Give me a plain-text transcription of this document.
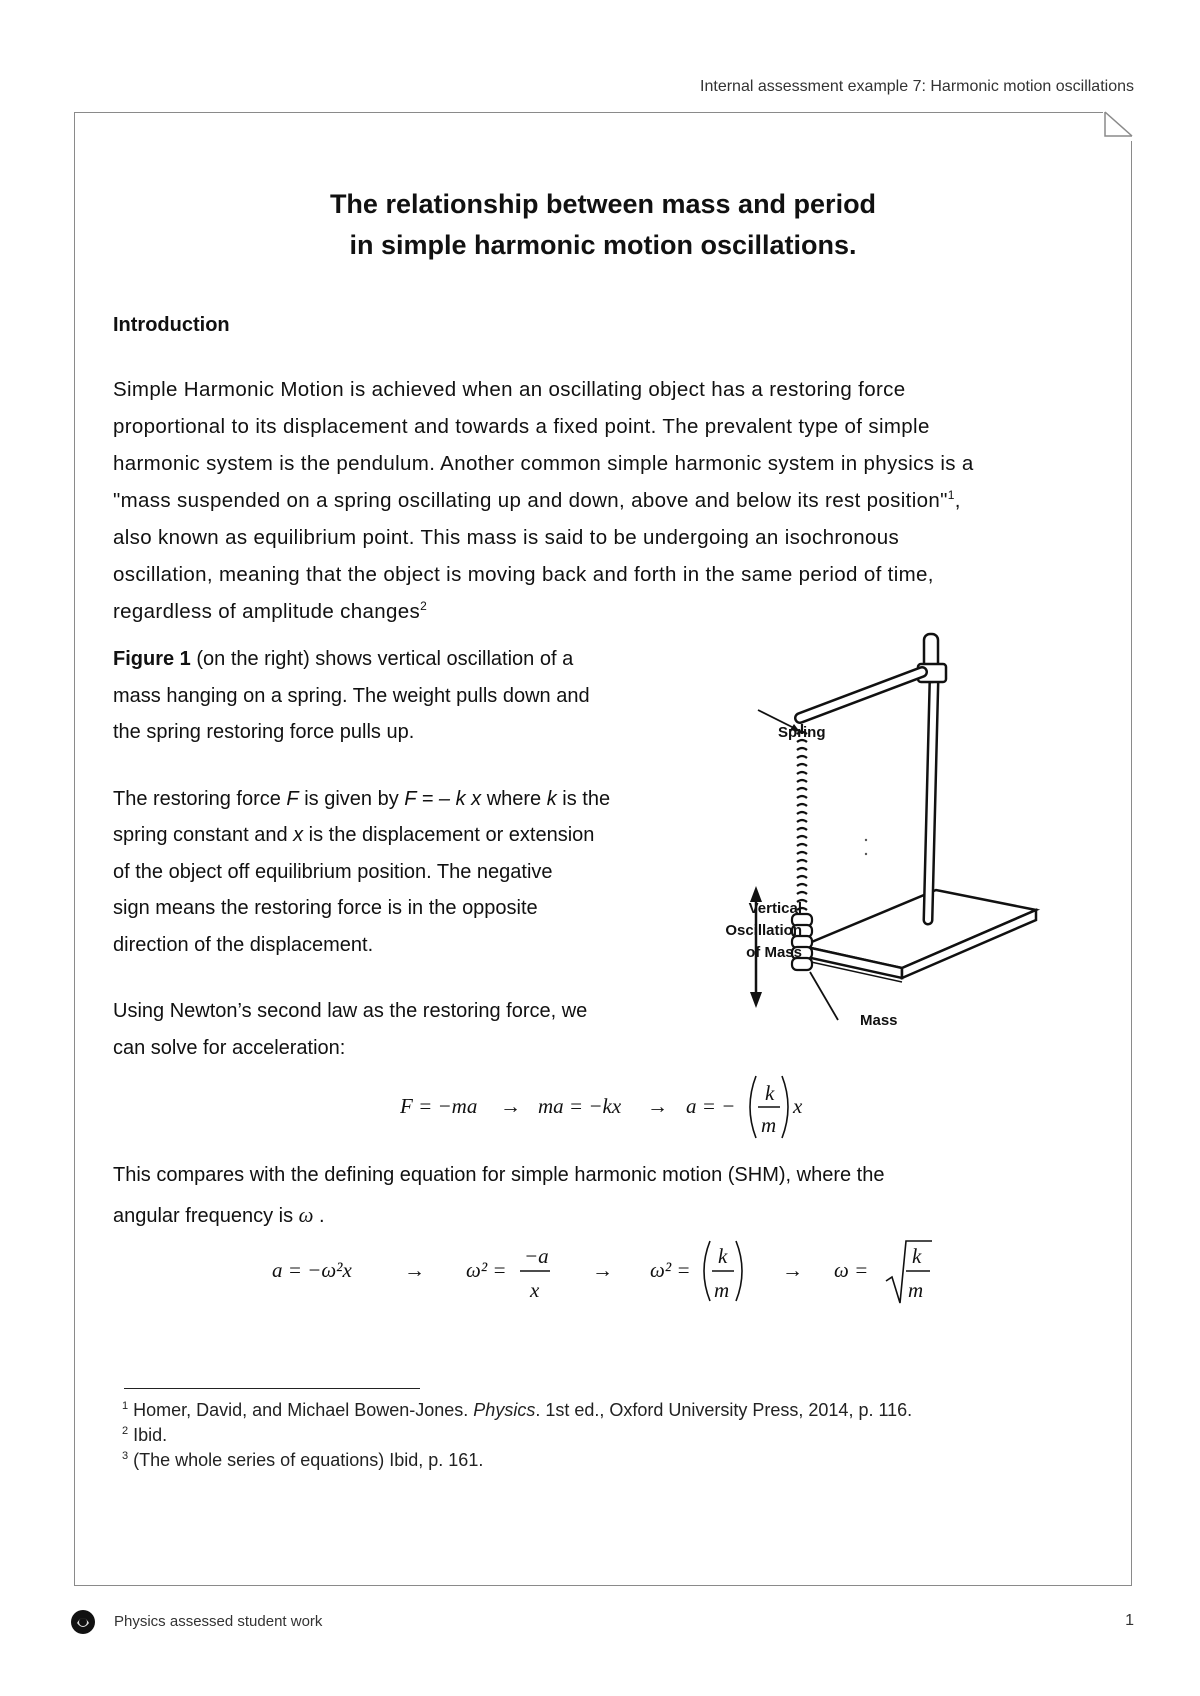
Internal assessment example 7: Harmonic motion oscillations
The relationship between mass and period
in simple harmonic motion oscillations.
Introduction
Simple Harmonic Motion is achieved when an oscillating object has a restoring force
proportional to its displacement and towards a fixed point. The prevalent type of simple
harmonic system is the pendulum. Another common simple harmonic system in physics is a
"mass suspended on a spring oscillating up and down, above and below its rest position"$^1$,
also known as equilibrium point. This mass is said to be undergoing an isochronous
oscillation, meaning that the object is moving back and forth in the same period of time,
regardless of amplitude changes$^2$
Figure 1 (on the right) shows vertical oscillation of a
mass hanging on a spring. The weight pulls down and
the spring restoring force pulls up.
The restoring force F is given by F = – k x where k is the
spring constant and x is the displacement or extension
of the object off equilibrium position. The negative
sign means the restoring force is in the opposite
direction of the displacement.
Using Newton’s second law as the restoring force, we
can solve for acceleration:
Spring
Vertical
Oscillation
of Mass
Mass
F = −ma → ma = −kx → a = −
k
m
x
This compares with the defining equation for simple harmonic motion (SHM), where the
angular frequency is ω .
a = −ω²x → ω² =
−a
x
→ ω² =
k
m
→ ω =
k
m
$^1$ Homer, David, and Michael Bowen-Jones. Physics. 1st ed., Oxford University Press, 2014, p. 116.
$^2$ Ibid.
$^3$ (The whole series of equations) Ibid, p. 161.
Physics assessed student work	1
